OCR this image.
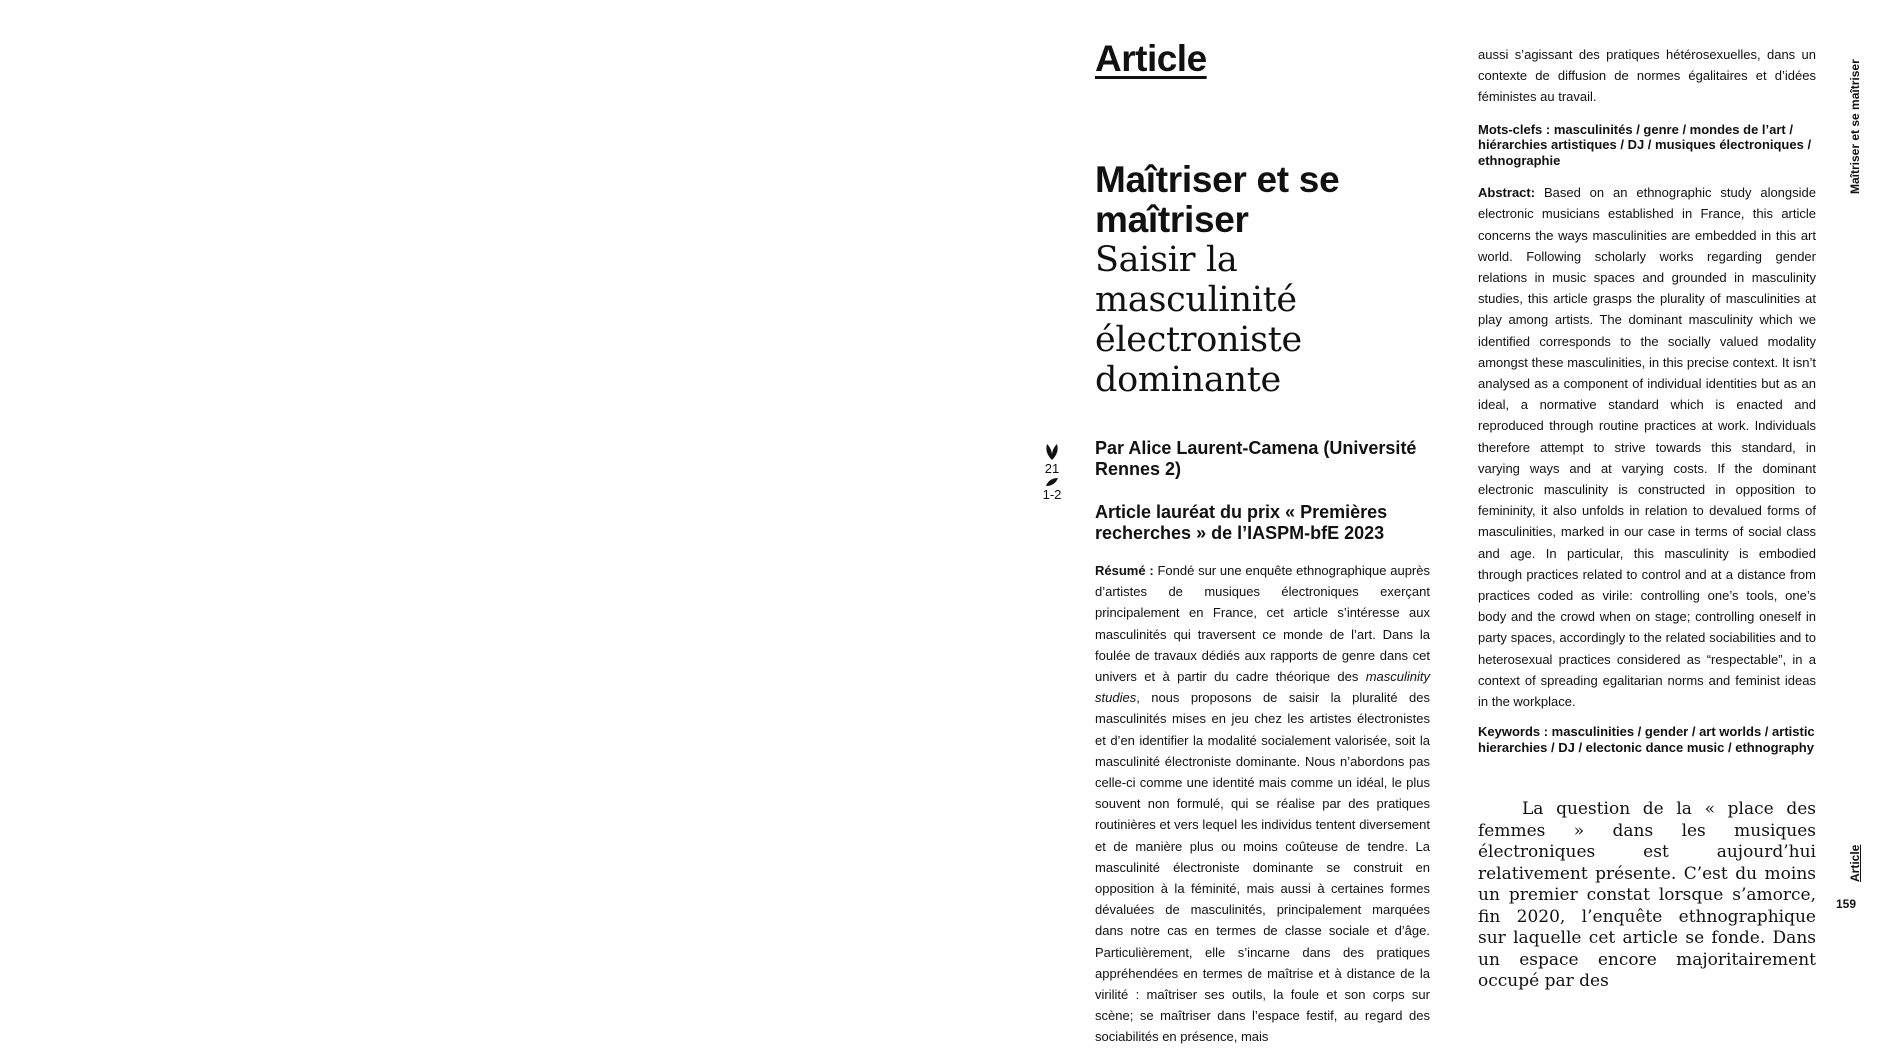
21
1-2
Article
Maîtriser et se maîtriser
Saisir la masculinité électroniste dominante

Par Alice Laurent-Camena (Université Rennes 2)

Article lauréat du prix « Premières recherches » de l’IASPM-bfE 2023

Résumé : Fondé sur une enquête ethnographique auprès d’artistes de musiques électroniques exerçant principalement en France, cet article s’intéresse aux masculinités qui traversent ce monde de l’art. Dans la foulée de travaux dédiés aux rapports de genre dans cet univers et à partir du cadre théorique des masculinity studies, nous proposons de saisir la pluralité des masculinités mises en jeu chez les artistes électronistes et d’en identifier la modalité socialement valorisée, soit la masculinité électroniste dominante. Nous n’abordons pas celle-ci comme une identité mais comme un idéal, le plus souvent non formulé, qui se réalise par des pratiques routinières et vers lequel les individus tentent diversement et de manière plus ou moins coûteuse de tendre. La masculinité électroniste dominante se construit en opposition à la féminité, mais aussi à certaines formes dévaluées de masculinités, principalement marquées dans notre cas en termes de classe sociale et d’âge. Particulièrement, elle s’incarne dans des pratiques appréhendées en termes de maîtrise et à distance de la virilité : maîtriser ses outils, la foule et son corps sur scène; se maîtriser dans l’espace festif, au regard des sociabilités en présence, mais

aussi s’agissant des pratiques hétérosexuelles, dans un contexte de diffusion de normes égalitaires et d’idées féministes au travail.

Mots-clefs : masculinités / genre / mondes de l’art / hiérarchies artistiques / DJ / musiques électroniques / ethnographie

Abstract: Based on an ethnographic study alongside electronic musicians established in France, this article concerns the ways masculinities are embedded in this art world. Following scholarly works regarding gender relations in music spaces and grounded in masculinity studies, this article grasps the plurality of masculinities at play among artists. The dominant masculinity which we identified corresponds to the socially valued modality amongst these masculinities, in this precise context. It isn’t analysed as a component of individual identities but as an ideal, a normative standard which is enacted and reproduced through routine practices at work. Individuals therefore attempt to strive towards this standard, in varying ways and at varying costs. If the dominant electronic masculinity is constructed in opposition to femininity, it also unfolds in relation to devalued forms of masculinities, marked in our case in terms of social class and age. In particular, this masculinity is embodied through practices related to control and at a distance from practices coded as virile: controlling one’s tools, one’s body and the crowd when on stage; controlling oneself in party spaces, accordingly to the related sociabilities and to heterosexual practices considered as “respectable”, in a context of spreading egalitarian norms and feminist ideas in the workplace.

Keywords : masculinities / gender / art worlds / artistic hierarchies / DJ / electonic dance music / ethnography

La question de la « place des femmes » dans les musiques électroniques est aujourd’hui relativement présente. C’est du moins un premier constat lorsque s’amorce, fin 2020, l’enquête ethnographique sur laquelle cet article se fonde. Dans un espace encore majoritairement occupé par des

Maîtriser et se maîtriser
Article
159
